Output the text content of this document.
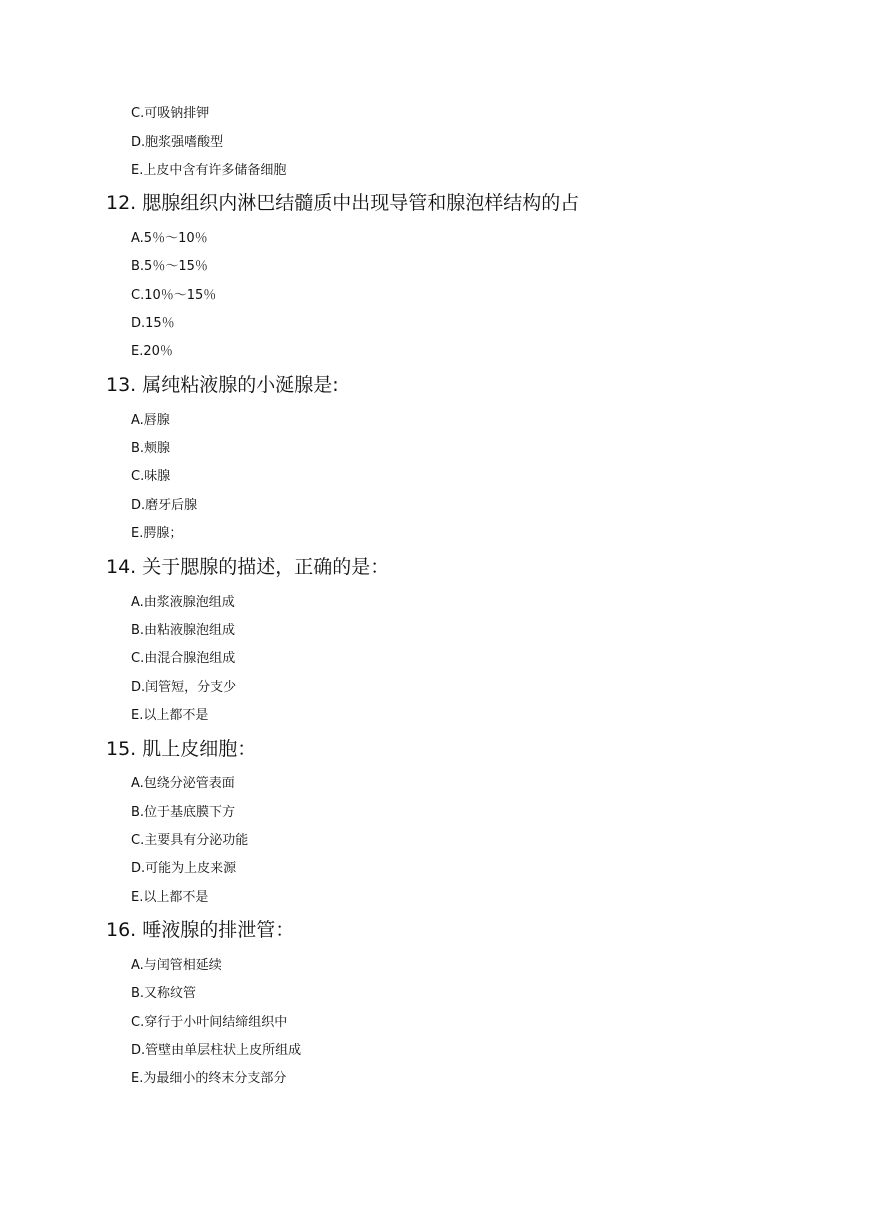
C.可吸钠排钾
D.胞浆强嗜酸型
E.上皮中含有许多储备细胞
12. 腮腺组织内淋巴结髓质中出现导管和腺泡样结构的占
A.5％～10％
B.5％～15％
C.10％～15％
D.15％
E.20％
13. 属纯粘液腺的小涎腺是:
A.唇腺
B.颊腺
C.味腺
D.磨牙后腺
E.腭腺；
14. 关于腮腺的描述，正确的是：
A.由浆液腺泡组成
B.由粘液腺泡组成
C.由混合腺泡组成
D.闰管短，分支少
E.以上都不是
15. 肌上皮细胞：
A.包绕分泌管表面
B.位于基底膜下方
C.主要具有分泌功能
D.可能为上皮来源
E.以上都不是
16. 唾液腺的排泄管：
A.与闰管相延续
B.又称纹管
C.穿行于小叶间结缔组织中
D.管壁由单层柱状上皮所组成
E.为最细小的终末分支部分
